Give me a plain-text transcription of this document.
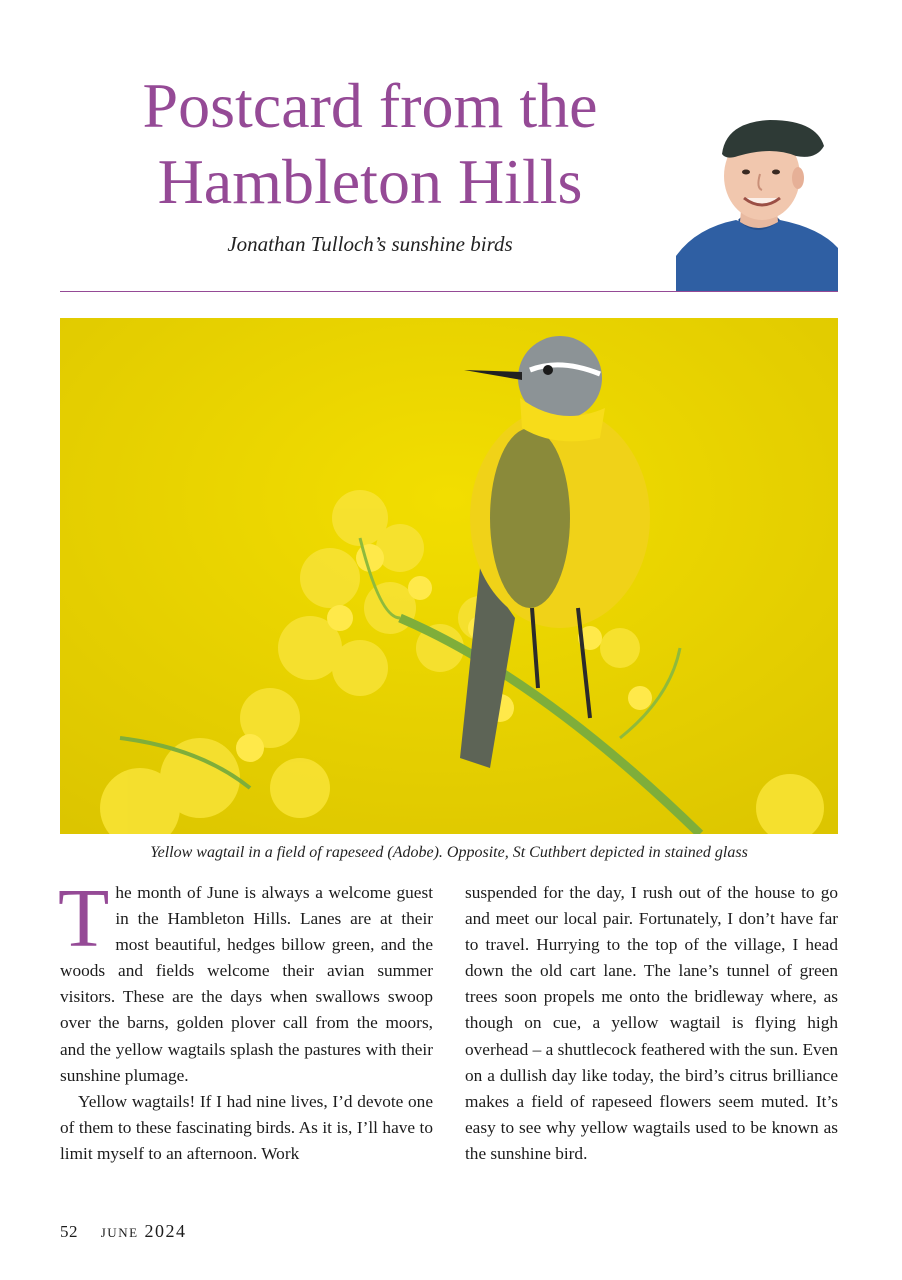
Postcard from the
Hambleton Hills
Jonathan Tulloch’s sunshine birds
Yellow wagtail in a field of rapeseed (Adobe). Opposite, St Cuthbert depicted in stained glass

The month of June is always a welcome guest in the Hambleton Hills. Lanes are at their most beautiful, hedges billow green, and the woods and fields welcome their avian summer visitors. These are the days when swallows swoop over the barns, golden plover call from the moors, and the yellow wagtails splash the pastures with their sunshine plumage.

Yellow wagtails! If I had nine lives, I’d devote one of them to these fascinating birds. As it is, I’ll have to limit myself to an afternoon. Work

suspended for the day, I rush out of the house to go and meet our local pair. Fortunately, I don’t have far to travel. Hurrying to the top of the village, I head down the old cart lane. The lane’s tunnel of green trees soon propels me onto the bridleway where, as though on cue, a yellow wagtail is flying high overhead – a shuttlecock feathered with the sun. Even on a dullish day like today, the bird’s citrus brilliance makes a field of rapeseed flowers seem muted. It’s easy to see why yellow wagtails used to be known as the sunshine bird.

52 june 2024
